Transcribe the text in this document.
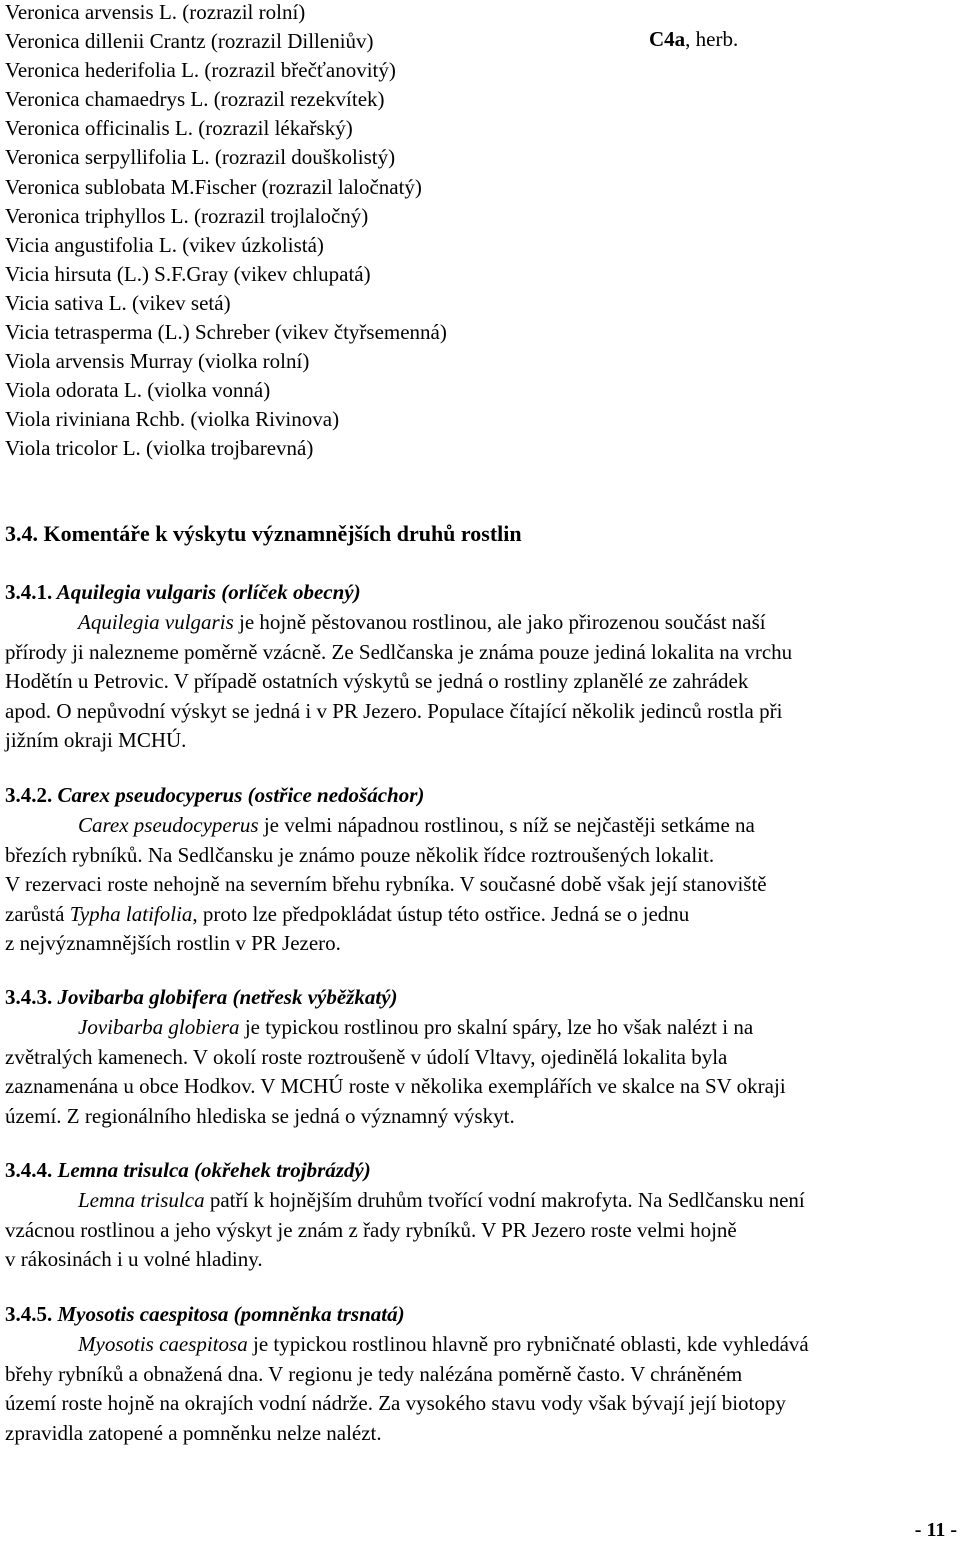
Veronica arvensis L. (rozrazil rolní)
Veronica dillenii Crantz (rozrazil Dilleniův)
Veronica hederifolia L. (rozrazil břečťanovitý)
Veronica chamaedrys L. (rozrazil rezekvítek)
Veronica officinalis L. (rozrazil lékařský)
Veronica serpyllifolia L. (rozrazil douškolistý)
Veronica sublobata M.Fischer (rozrazil laločnatý)
Veronica triphyllos L. (rozrazil trojlaločný)
Vicia angustifolia L. (vikev úzkolistá)
Vicia hirsuta (L.) S.F.Gray (vikev chlupatá)
Vicia sativa L. (vikev setá)
Vicia tetrasperma (L.) Schreber (vikev čtyřsemenná)
Viola arvensis Murray (violka rolní)
Viola odorata L. (violka vonná)
Viola riviniana Rchb. (violka Rivinova)
Viola tricolor L. (violka trojbarevná)
C4a, herb.
3.4. Komentáře k výskytu významnějších druhů rostlin
3.4.1. Aquilegia vulgaris (orlíček obecný)
Aquilegia vulgaris je hojně pěstovanou rostlinou, ale jako přirozenou součást naší
přírody ji nalezneme poměrně vzácně. Ze Sedlčanska je známa pouze jediná lokalita na vrchu
Hodětín u Petrovic. V případě ostatních výskytů se jedná o rostliny zplanělé ze zahrádek
apod. O nepůvodní výskyt se jedná i v PR Jezero. Populace čítající několik jedinců rostla při
jižním okraji MCHÚ.
3.4.2. Carex pseudocyperus (ostřice nedošáchor)
Carex pseudocyperus je velmi nápadnou rostlinou, s níž se nejčastěji setkáme na
březích rybníků. Na Sedlčansku je známo pouze několik řídce roztroušených lokalit.
V rezervaci roste nehojně na severním břehu rybníka. V současné době však její stanoviště
zarůstá Typha latifolia, proto lze předpokládat ústup této ostřice. Jedná se o jednu
z nejvýznamnějších rostlin v PR Jezero.
3.4.3. Jovibarba globifera (netřesk výběžkatý)
Jovibarba globiera je typickou rostlinou pro skalní spáry, lze ho však nalézt i na
zvětralých kamenech. V okolí roste roztroušeně v údolí Vltavy, ojedinělá lokalita byla
zaznamenána u obce Hodkov. V MCHÚ roste v několika exemplářích ve skalce na SV okraji
území. Z regionálního hlediska se jedná o významný výskyt.
3.4.4. Lemna trisulca (okřehek trojbrázdý)
Lemna trisulca patří k hojnějším druhům tvořící vodní makrofyta. Na Sedlčansku není
vzácnou rostlinou a jeho výskyt je znám z řady rybníků. V PR Jezero roste velmi hojně
v rákosinách i u volné hladiny.
3.4.5. Myosotis caespitosa (pomněnka trsnatá)
Myosotis caespitosa je typickou rostlinou hlavně pro rybničnaté oblasti, kde vyhledává
břehy rybníků a obnažená dna. V regionu je tedy nalézána poměrně často. V chráněném
území roste hojně na okrajích vodní nádrže. Za vysokého stavu vody však bývají její biotopy
zpravidla zatopené a pomněnku nelze nalézt.
- 11 -
